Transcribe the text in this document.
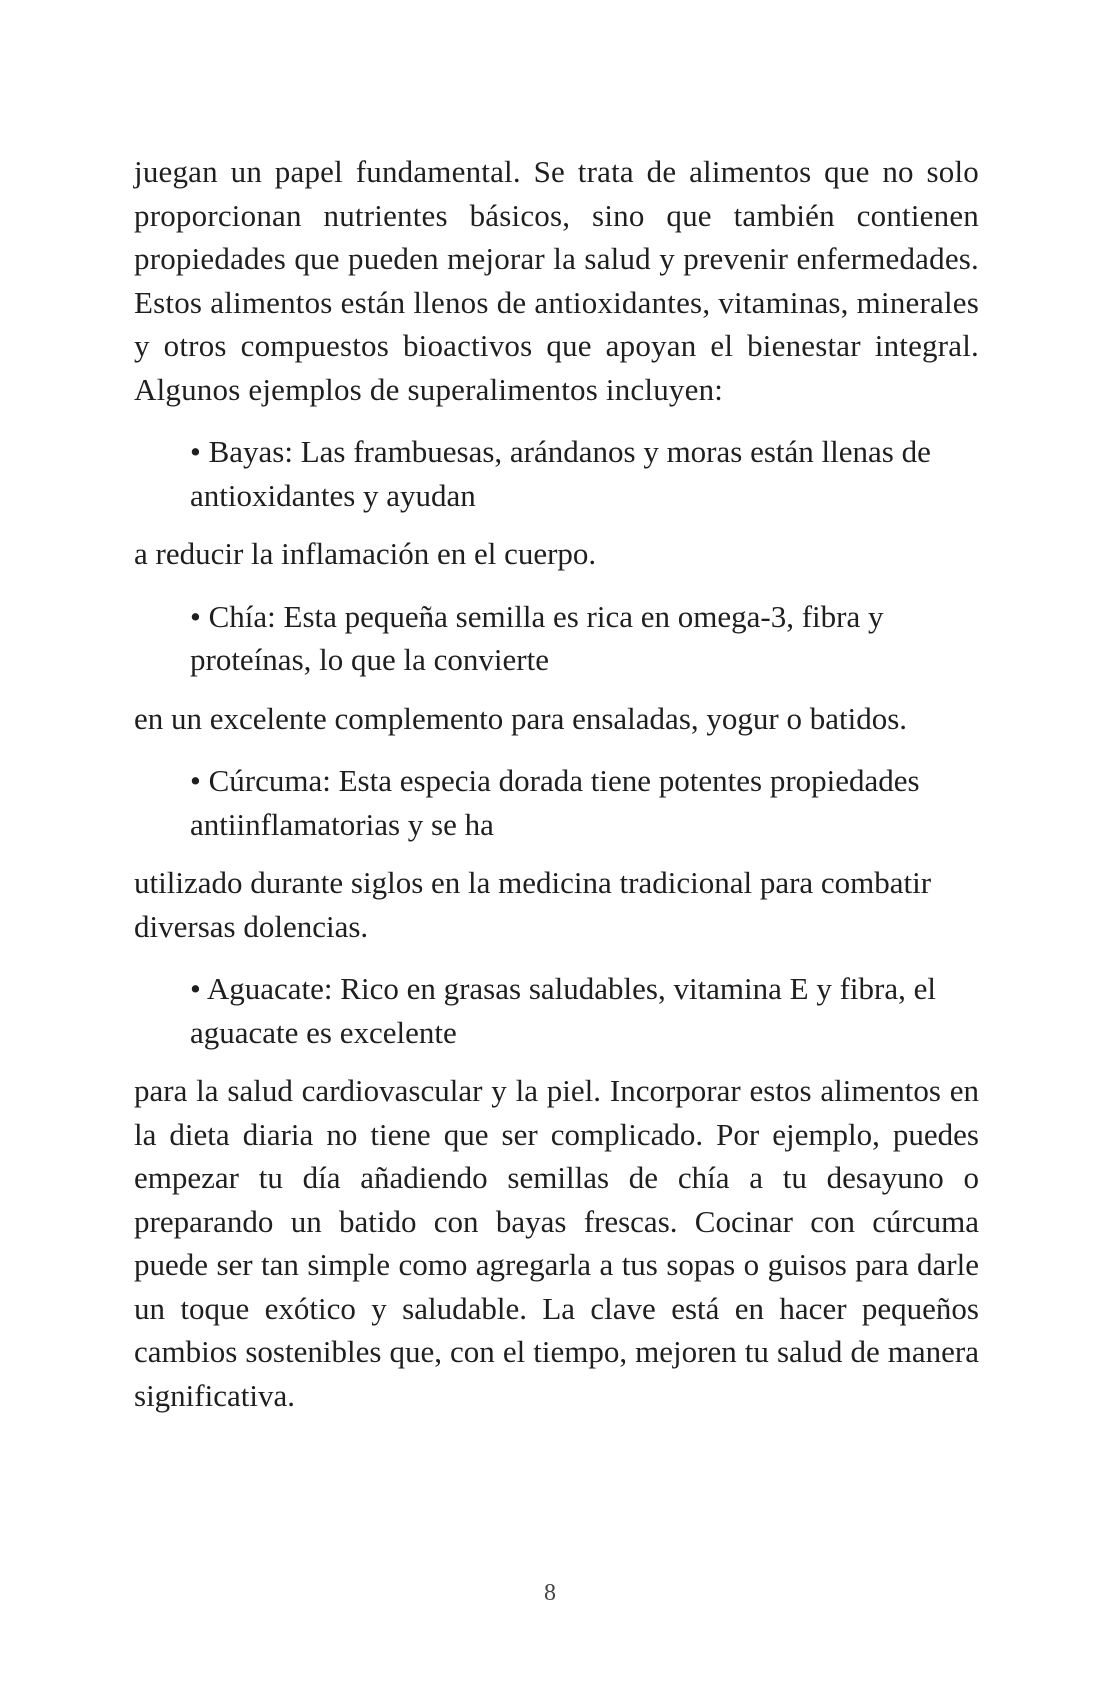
juegan un papel fundamental. Se trata de alimentos que no solo proporcionan nutrientes básicos, sino que también contienen propiedades que pueden mejorar la salud y prevenir enfermedades. Estos alimentos están llenos de antioxidantes, vitaminas, minerales y otros compuestos bioactivos que apoyan el bienestar integral. Algunos ejemplos de superalimentos incluyen:

• Bayas: Las frambuesas, arándanos y moras están llenas de antioxidantes y ayudan

a reducir la inflamación en el cuerpo.

• Chía: Esta pequeña semilla es rica en omega-3, fibra y proteínas, lo que la convierte

en un excelente complemento para ensaladas, yogur o batidos.

• Cúrcuma: Esta especia dorada tiene potentes propiedades antiinflamatorias y se ha

utilizado durante siglos en la medicina tradicional para combatir diversas dolencias.

• Aguacate: Rico en grasas saludables, vitamina E y fibra, el aguacate es excelente

para la salud cardiovascular y la piel. Incorporar estos alimentos en la dieta diaria no tiene que ser complicado. Por ejemplo, puedes empezar tu día añadiendo semillas de chía a tu desayuno o preparando un batido con bayas frescas. Cocinar con cúrcuma puede ser tan simple como agregarla a tus sopas o guisos para darle un toque exótico y saludable. La clave está en hacer pequeños cambios sostenibles que, con el tiempo, mejoren tu salud de manera significativa.

8
